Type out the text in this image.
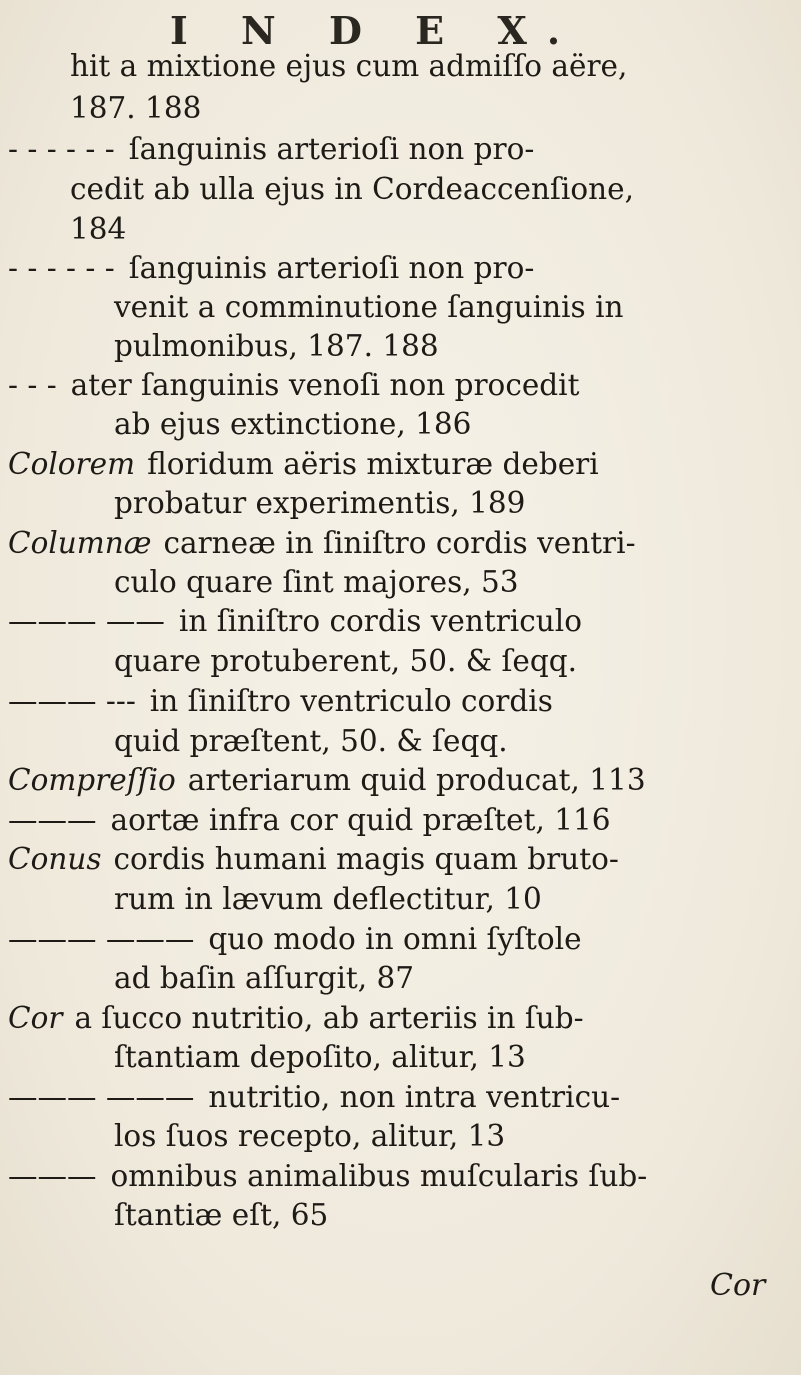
I N D E X.
hit a mixtione ejus cum admiſſo aëre,
187. 188
- - - - - - ſanguinis arterioſi non pro-
cedit ab ulla ejus in Cordeaccenſione,
184
- - - - - - ſanguinis arterioſi non pro-
venit a comminutione ſanguinis in
pulmonibus, 187. 188
- - - ater ſanguinis venoſi non procedit
ab ejus extinctione, 186
Colorem floridum aëris mixturæ deberi
probatur experimentis, 189
Columnæ carneæ in ſiniſtro cordis ventri-
culo quare ſint majores, 53
——— —— in ſiniſtro cordis ventriculo
quare protuberent, 50. & ſeqq.
——— --- in ſiniſtro ventriculo cordis
quid præſtent, 50. & ſeqq.
Compreſſio arteriarum quid producat, 113
——— aortæ infra cor quid præſtet, 116
Conus cordis humani magis quam bruto-
rum in lævum deflectitur, 10
——— ——— quo modo in omni ſyſtole
ad baſin aſſurgit, 87
Cor a ſucco nutritio, ab arteriis in ſub-
ſtantiam depoſito, alitur, 13
——— ——— nutritio, non intra ventricu-
los ſuos recepto, alitur, 13
——— omnibus animalibus muſcularis ſub-
ſtantiæ eſt, 65
Cor
